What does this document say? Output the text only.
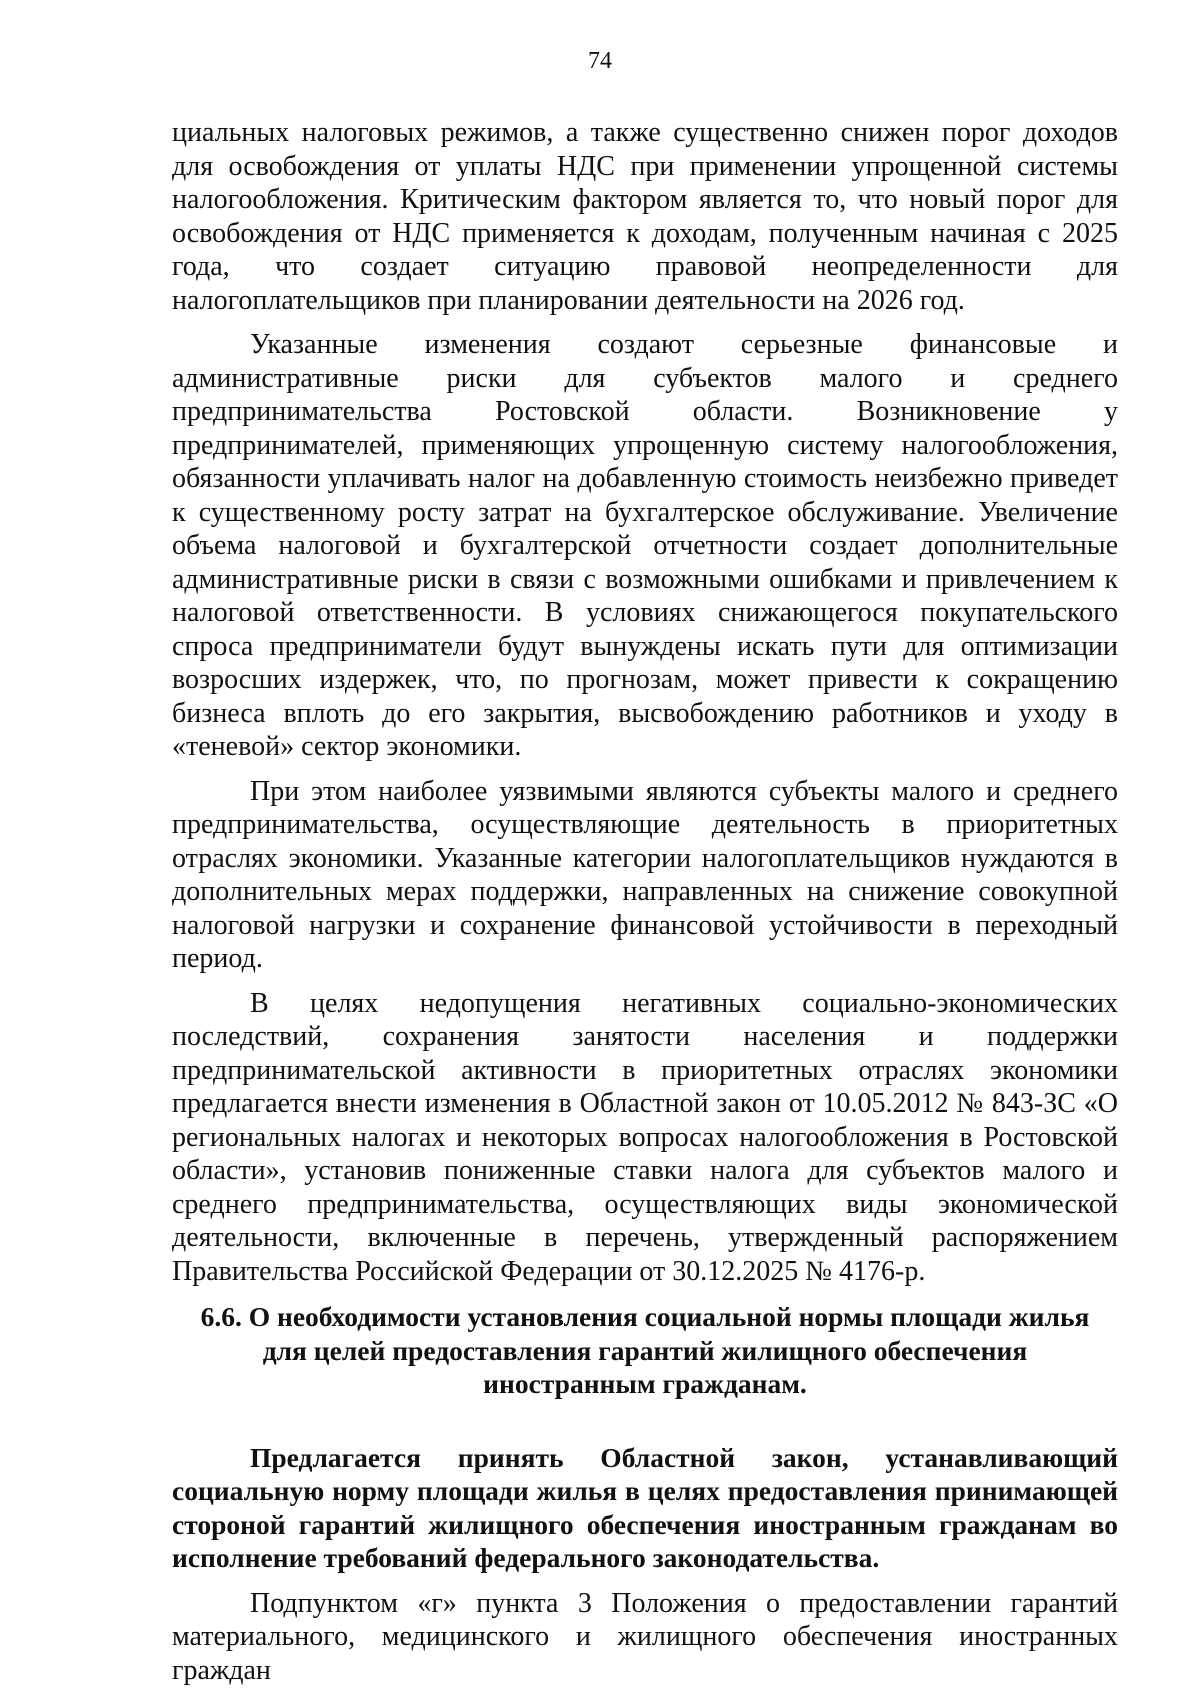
74

циальных налоговых режимов, а также существенно снижен порог доходов для освобождения от уплаты НДС при применении упрощенной системы налогообложения. Критическим фактором является то, что новый порог для освобождения от НДС применяется к доходам, полученным начиная с 2025 года, что создает ситуацию правовой неопределенности для налогоплательщиков при планировании деятельности на 2026 год.

Указанные изменения создают серьезные финансовые и административные риски для субъектов малого и среднего предпринимательства Ростовской области. Возникновение у предпринимателей, применяющих упрощенную систему налогообложения, обязанности уплачивать налог на добавленную стоимость неизбежно приведет к существенному росту затрат на бухгалтерское обслуживание. Увеличение объема налоговой и бухгалтерской отчетности создает дополнительные административные риски в связи с возможными ошибками и привлечением к налоговой ответственности. В условиях снижающегося покупательского спроса предприниматели будут вынуждены искать пути для оптимизации возросших издержек, что, по прогнозам, может привести к сокращению бизнеса вплоть до его закрытия, высвобождению работников и уходу в «теневой» сектор экономики.

При этом наиболее уязвимыми являются субъекты малого и среднего предпринимательства, осуществляющие деятельность в приоритетных отраслях экономики. Указанные категории налогоплательщиков нуждаются в дополнительных мерах поддержки, направленных на снижение совокупной налоговой нагрузки и сохранение финансовой устойчивости в переходный период.

В целях недопущения негативных социально-экономических последствий, сохранения занятости населения и поддержки предпринимательской активности в приоритетных отраслях экономики предлагается внести изменения в Областной закон от 10.05.2012 № 843-ЗС «О региональных налогах и некоторых вопросах налогообложения в Ростовской области», установив пониженные ставки налога для субъектов малого и среднего предпринимательства, осуществляющих виды экономической деятельности, включенные в перечень, утвержденный распоряжением Правительства Российской Федерации от 30.12.2025 № 4176-р.

6.6. О необходимости установления социальной нормы площади жилья для целей предоставления гарантий жилищного обеспечения иностранным гражданам.

Предлагается принять Областной закон, устанавливающий социальную норму площади жилья в целях предоставления принимающей стороной гарантий жилищного обеспечения иностранным гражданам во исполнение требований федерального законодательства.

Подпунктом «г» пункта 3 Положения о предоставлении гарантий материального, медицинского и жилищного обеспечения иностранных граждан
